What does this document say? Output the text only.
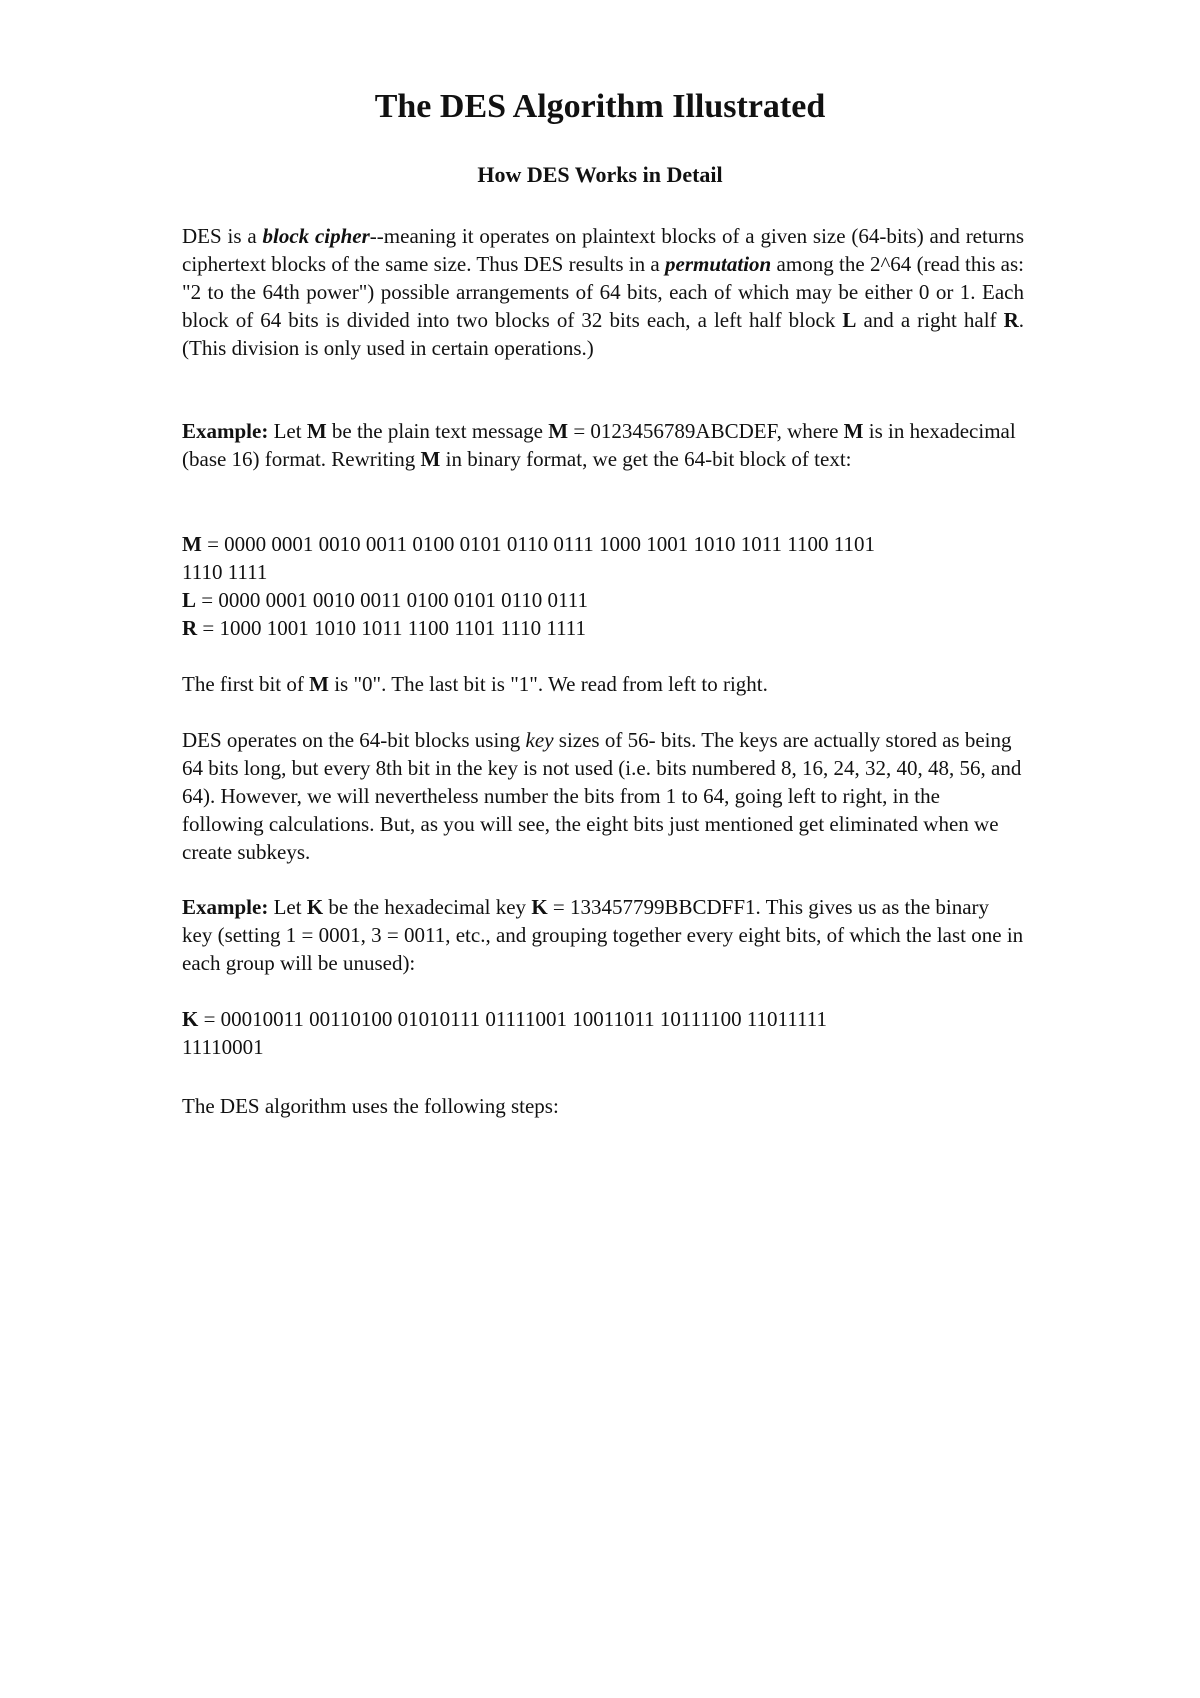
The DES Algorithm Illustrated
How DES Works in Detail

DES is a block cipher--meaning it operates on plaintext blocks of a given size (64-bits) and returns ciphertext blocks of the same size. Thus DES results in a permutation among the 2^64 (read this as: "2 to the 64th power") possible arrangements of 64 bits, each of which may be either 0 or 1. Each block of 64 bits is divided into two blocks of 32 bits each, a left half block L and a right half R. (This division is only used in certain operations.)

Example: Let M be the plain text message M = 0123456789ABCDEF, where M is in hexadecimal (base 16) format. Rewriting M in binary format, we get the 64-bit block of text:

M = 0000 0001 0010 0011 0100 0101 0110 0111 1000 1001 1010 1011 1100 1101
1110 1111
L = 0000 0001 0010 0011 0100 0101 0110 0111
R = 1000 1001 1010 1011 1100 1101 1110 1111

The first bit of M is "0". The last bit is "1". We read from left to right.

DES operates on the 64-bit blocks using key sizes of 56- bits. The keys are actually stored as being 64 bits long, but every 8th bit in the key is not used (i.e. bits numbered 8, 16, 24, 32, 40, 48, 56, and 64). However, we will nevertheless number the bits from 1 to 64, going left to right, in the following calculations. But, as you will see, the eight bits just mentioned get eliminated when we create subkeys.

Example: Let K be the hexadecimal key K = 133457799BBCDFF1. This gives us as the binary key (setting 1 = 0001, 3 = 0011, etc., and grouping together every eight bits, of which the last one in each group will be unused):

K = 00010011 00110100 01010111 01111001 10011011 10111100 11011111
11110001

The DES algorithm uses the following steps:
